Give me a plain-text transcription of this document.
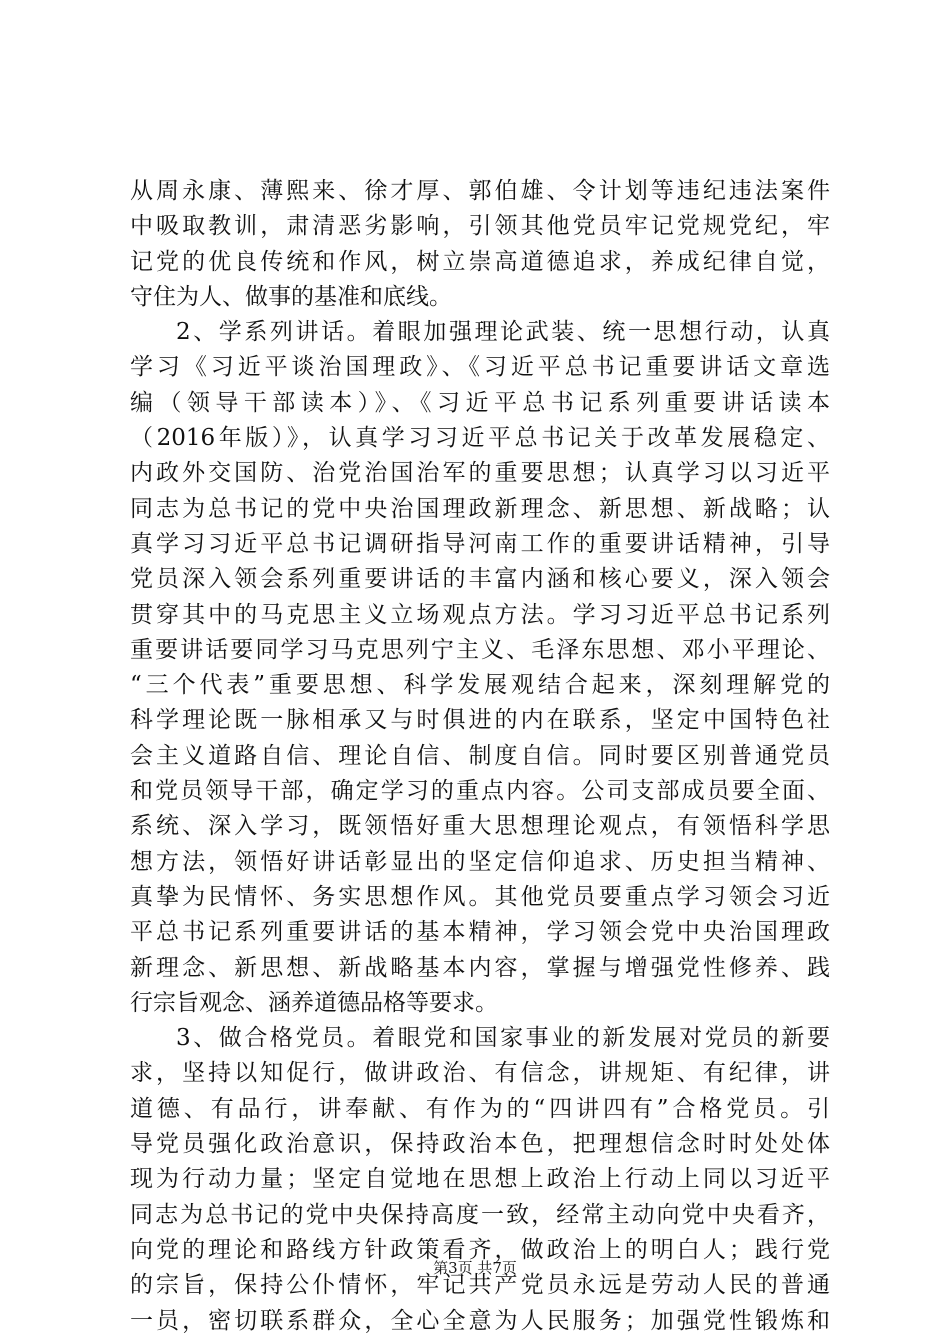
从周永康、薄熙来、徐才厚、郭伯雄、令计划等违纪违法案件
中吸取教训，肃清恶劣影响，引领其他党员牢记党规党纪，牢
记党的优良传统和作风，树立崇高道德追求，养成纪律自觉，
守住为人、做事的基准和底线。
2、学系列讲话。着眼加强理论武装、统一思想行动，认真
学习《习近平谈治国理政》、《习近平总书记重要讲话文章选
编（领导干部读本）》、《习近平总书记系列重要讲话读本
（2016年版）》，认真学习习近平总书记关于改革发展稳定、
内政外交国防、治党治国治军的重要思想；认真学习以习近平
同志为总书记的党中央治国理政新理念、新思想、新战略；认
真学习习近平总书记调研指导河南工作的重要讲话精神，引导
党员深入领会系列重要讲话的丰富内涵和核心要义，深入领会
贯穿其中的马克思主义立场观点方法。学习习近平总书记系列
重要讲话要同学习马克思列宁主义、毛泽东思想、邓小平理论、
“三个代表”重要思想、科学发展观结合起来，深刻理解党的
科学理论既一脉相承又与时俱进的内在联系，坚定中国特色社
会主义道路自信、理论自信、制度自信。同时要区别普通党员
和党员领导干部，确定学习的重点内容。公司支部成员要全面、
系统、深入学习，既领悟好重大思想理论观点，有领悟科学思
想方法，领悟好讲话彰显出的坚定信仰追求、历史担当精神、
真挚为民情怀、务实思想作风。其他党员要重点学习领会习近
平总书记系列重要讲话的基本精神，学习领会党中央治国理政
新理念、新思想、新战略基本内容，掌握与增强党性修养、践
行宗旨观念、涵养道德品格等要求。
3、做合格党员。着眼党和国家事业的新发展对党员的新要
求，坚持以知促行，做讲政治、有信念，讲规矩、有纪律，讲
道德、有品行，讲奉献、有作为的“四讲四有”合格党员。引
导党员强化政治意识，保持政治本色，把理想信念时时处处体
现为行动力量；坚定自觉地在思想上政治上行动上同以习近平
同志为总书记的党中央保持高度一致，经常主动向党中央看齐，
向党的理论和路线方针政策看齐，做政治上的明白人；践行党
的宗旨，保持公仆情怀，牢记共产党员永远是劳动人民的普通
一员，密切联系群众，全心全意为人民服务；加强党性锻炼和
第3页 共7页
